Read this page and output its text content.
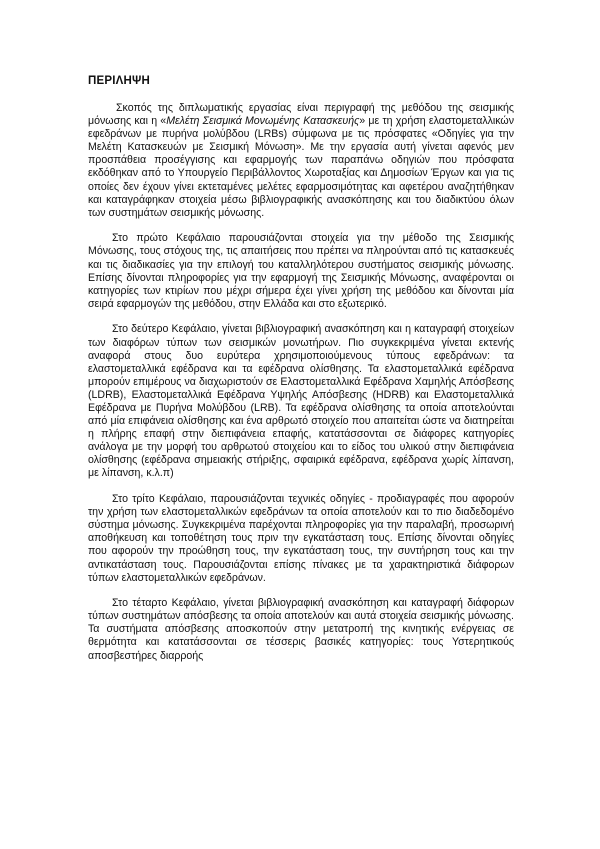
ΠΕΡΙΛΗΨΗ

Σκοπός της διπλωματικής εργασίας είναι περιγραφή της μεθόδου της σεισμικής μόνωσης και η «Μελέτη Σεισμικά Μονωμένης Κατασκευής» με τη χρήση ελαστομεταλλικών εφεδράνων με πυρήνα μολύβδου (LRBs) σύμφωνα με τις πρόσφατες «Οδηγίες για την Μελέτη Κατασκευών με Σεισμική Μόνωση». Με την εργασία αυτή γίνεται αφενός μεν προσπάθεια προσέγγισης και εφαρμογής των παραπάνω οδηγιών που πρόσφατα εκδόθηκαν από το Υπουργείο Περιβάλλοντος Χωροταξίας και Δημοσίων Έργων και για τις οποίες δεν έχουν γίνει εκτεταμένες μελέτες εφαρμοσιμότητας και αφετέρου αναζητήθηκαν και καταγράφηκαν στοιχεία μέσω βιβλιογραφικής ανασκόπησης και του διαδικτύου όλων των συστημάτων σεισμικής μόνωσης.

Στο πρώτο Κεφάλαιο παρουσιάζονται στοιχεία για την μέθοδο της Σεισμικής Μόνωσης, τους στόχους της, τις απαιτήσεις που πρέπει να πληρούνται από τις κατασκευές και τις διαδικασίες για την επιλογή του καταλληλότερου συστήματος σεισμικής μόνωσης. Επίσης δίνονται πληροφορίες για την εφαρμογή της Σεισμικής Μόνωσης, αναφέρονται οι κατηγορίες των κτιρίων που μέχρι σήμερα έχει γίνει χρήση της μεθόδου και δίνονται μία σειρά εφαρμογών της μεθόδου, στην Ελλάδα και στο εξωτερικό.

Στο δεύτερο Κεφάλαιο, γίνεται βιβλιογραφική ανασκόπηση και η καταγραφή στοιχείων των διαφόρων τύπων των σεισμικών μονωτήρων. Πιο συγκεκριμένα γίνεται εκτενής αναφορά στους δυο ευρύτερα χρησιμοποιούμενους τύπους εφεδράνων: τα ελαστομεταλλικά εφέδρανα και τα εφέδρανα ολίσθησης. Τα ελαστομεταλλικά εφέδρανα μπορούν επιμέρους να διαχωριστούν σε Ελαστομεταλλικά Εφέδρανα Χαμηλής Απόσβεσης (LDRB), Ελαστομεταλλικά Εφέδρανα Υψηλής Απόσβεσης (HDRB) και Ελαστομεταλλικά Εφέδρανα με Πυρήνα Μολύβδου (LRB). Τα εφέδρανα ολίσθησης τα οποία αποτελούνται από μία επιφάνεια ολίσθησης και ένα αρθρωτό στοιχείο που απαιτείται ώστε να διατηρείται η πλήρης επαφή στην διεπιφάνεια επαφής, κατατάσσονται σε διάφορες κατηγορίες ανάλογα με την μορφή του αρθρωτού στοιχείου και το είδος του υλικού στην διεπιφάνεια ολίσθησης (εφέδρανα σημειακής στήριξης, σφαιρικά εφέδρανα, εφέδρανα χωρίς λίπανση, με λίπανση, κ.λ.π)

Στο τρίτο Κεφάλαιο, παρουσιάζονται τεχνικές οδηγίες - προδιαγραφές που αφορούν την χρήση των ελαστομεταλλικών εφεδράνων τα οποία αποτελούν και το πιο διαδεδομένο σύστημα μόνωσης. Συγκεκριμένα παρέχονται πληροφορίες για την παραλαβή, προσωρινή αποθήκευση και τοποθέτηση τους πριν την εγκατάσταση τους. Επίσης δίνονται οδηγίες που αφορούν την προώθηση τους, την εγκατάσταση τους, την συντήρηση τους και την αντικατάσταση τους. Παρουσιάζονται επίσης πίνακες με τα χαρακτηριστικά διάφορων τύπων ελαστομεταλλικών εφεδράνων.

Στο τέταρτο Κεφάλαιο, γίνεται βιβλιογραφική ανασκόπηση και καταγραφή διάφορων τύπων συστημάτων απόσβεσης τα οποία αποτελούν και αυτά στοιχεία σεισμικής μόνωσης. Τα συστήματα απόσβεσης αποσκοπούν στην μετατροπή της κινητικής ενέργειας σε θερμότητα και κατατάσσονται σε τέσσερις βασικές κατηγορίες: τους Υστερητικούς αποσβεστήρες διαρροής
